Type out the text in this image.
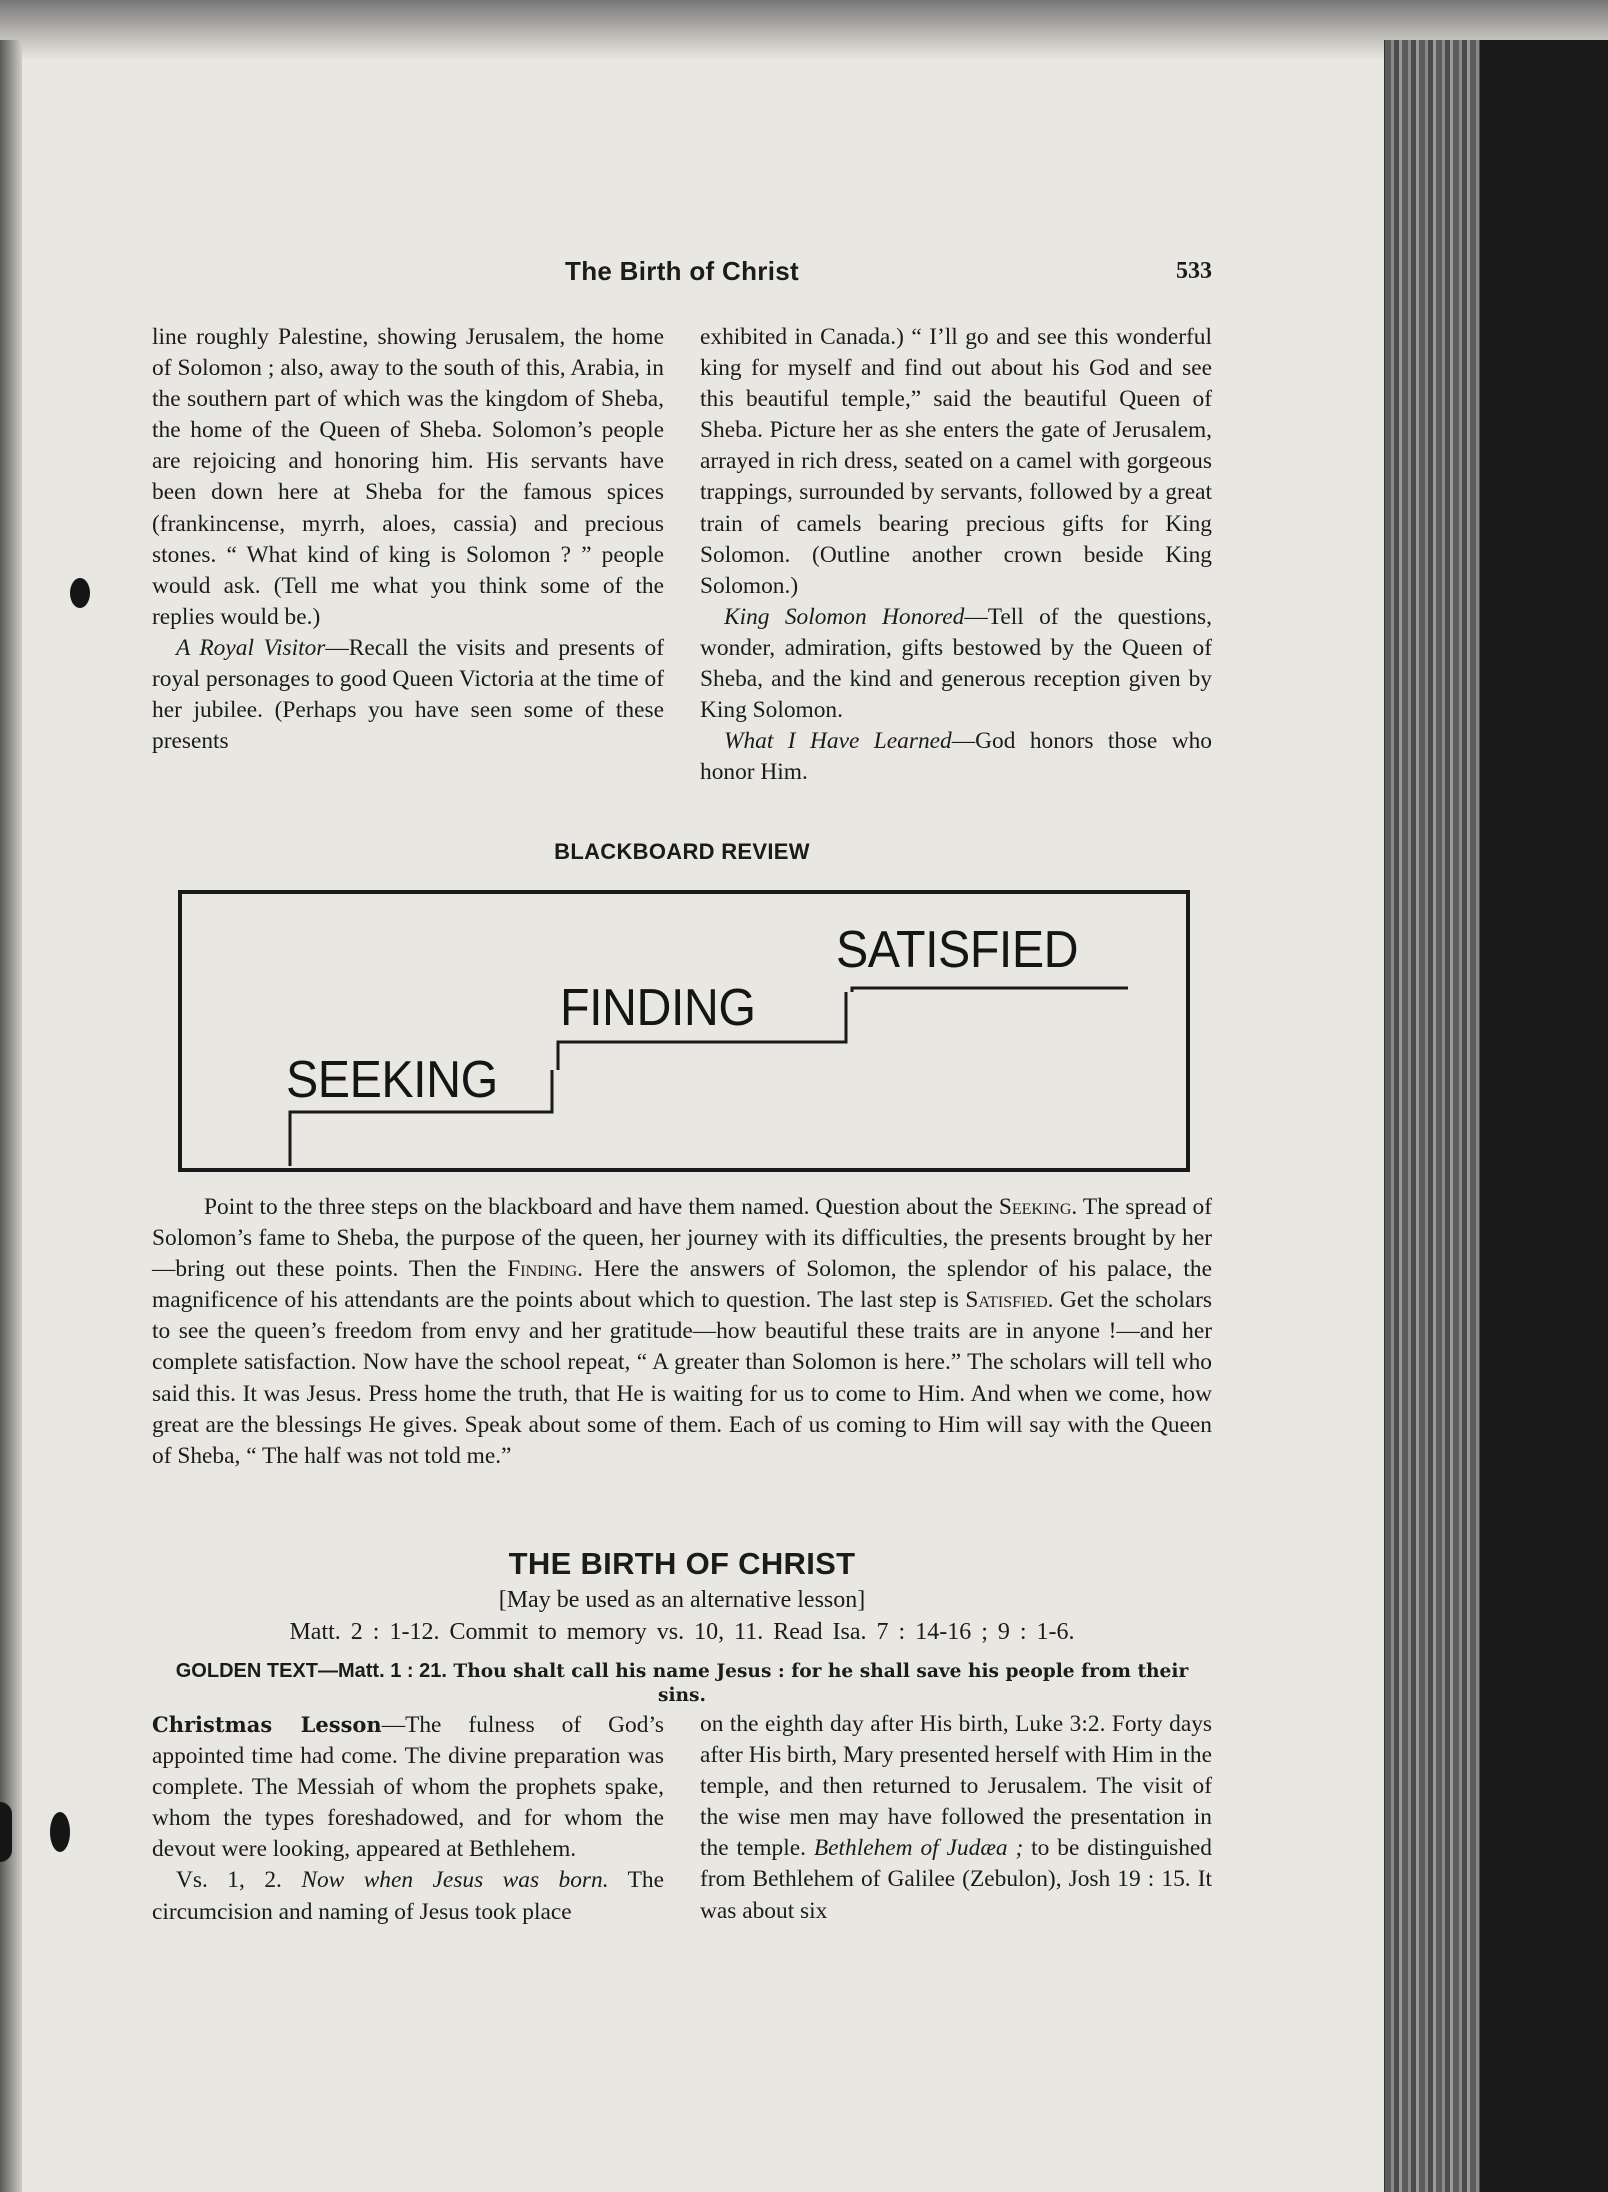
The Birth of Christ	533

line roughly Palestine, showing Jerusalem, the home of Solomon ; also, away to the south of this, Arabia, in the southern part of which was the kingdom of Sheba, the home of the Queen of Sheba. Solomon’s people are rejoicing and honoring him. His servants have been down here at Sheba for the famous spices (frankincense, myrrh, aloes, cassia) and precious stones. “ What kind of king is Solomon ? ” people would ask. (Tell me what you think some of the replies would be.)

A Royal Visitor—Recall the visits and presents of royal personages to good Queen Victoria at the time of her jubilee. (Perhaps you have seen some of these presents

exhibited in Canada.) “ I’ll go and see this wonderful king for myself and find out about his God and see this beautiful temple,” said the beautiful Queen of Sheba. Picture her as she enters the gate of Jerusalem, arrayed in rich dress, seated on a camel with gorgeous trappings, surrounded by servants, followed by a great train of camels bearing precious gifts for King Solomon. (Outline another crown beside King Solomon.)

King Solomon Honored—Tell of the questions, wonder, admiration, gifts bestowed by the Queen of Sheba, and the kind and generous reception given by King Solomon.

What I Have Learned—God honors those who honor Him.

BLACKBOARD REVIEW
SEEKING
FINDING
SATISFIED

Point to the three steps on the blackboard and have them named. Question about the Seeking. The spread of Solomon’s fame to Sheba, the purpose of the queen, her journey with its difficulties, the presents brought by her—bring out these points. Then the Finding. Here the answers of Solomon, the splendor of his palace, the magnificence of his attendants are the points about which to question. The last step is Satisfied. Get the scholars to see the queen’s freedom from envy and her gratitude—how beautiful these traits are in anyone !—and her complete satisfaction. Now have the school repeat, “ A greater than Solomon is here.” The scholars will tell who said this. It was Jesus. Press home the truth, that He is waiting for us to come to Him. And when we come, how great are the blessings He gives. Speak about some of them. Each of us coming to Him will say with the Queen of Sheba, “ The half was not told me.”

THE BIRTH OF CHRIST
[May be used as an alternative lesson]
Matt. 2 : 1-12. Commit to memory vs. 10, 11. Read Isa. 7 : 14-16 ; 9 : 1-6.
GOLDEN TEXT—Matt. 1 : 21. Thou shalt call his name Jesus : for he shall save his people from their sins.

Christmas Lesson—The fulness of God’s appointed time had come. The divine preparation was complete. The Messiah of whom the prophets spake, whom the types foreshadowed, and for whom the devout were looking, appeared at Bethlehem.

Vs. 1, 2. Now when Jesus was born. The circumcision and naming of Jesus took place

on the eighth day after His birth, Luke 3:2. Forty days after His birth, Mary presented herself with Him in the temple, and then returned to Jerusalem. The visit of the wise men may have followed the presentation in the temple. Bethlehem of Judæa ; to be distinguished from Bethlehem of Galilee (Zebulon), Josh 19 : 15. It was about six
